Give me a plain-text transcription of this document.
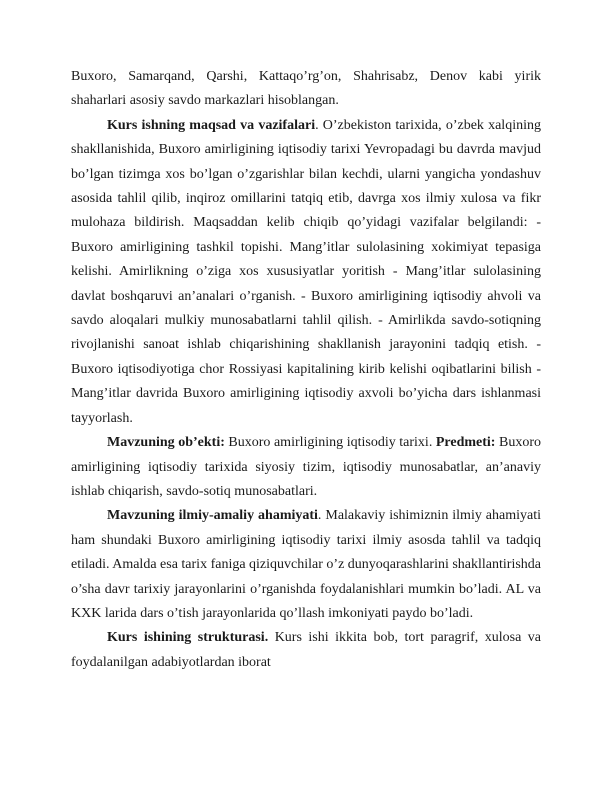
Buxoro, Samarqand, Qarshi, Kattaqo’rg’on, Shahrisabz, Denov kabi yirik shaharlari asosiy savdo markazlari hisoblangan.

Kurs ishning maqsad va vazifalari. O’zbekiston tarixida, o’zbek xalqining shakllanishida, Buxoro amirligining iqtisodiy tarixi Yevropadagi bu davrda mavjud bo’lgan tizimga xos bo’lgan o’zgarishlar bilan kechdi, ularni yangicha yondashuv asosida tahlil qilib, inqiroz omillarini tatqiq etib, davrga xos ilmiy xulosa va fikr mulohaza bildirish. Maqsaddan kelib chiqib qo’yidagi vazifalar belgilandi: - Buxoro amirligining tashkil topishi. Mang’itlar sulolasining xokimiyat tepasiga kelishi. Amirlikning o’ziga xos xususiyatlar yoritish - Mang’itlar sulolasining davlat boshqaruvi an’analari o’rganish. - Buxoro amirligining iqtisodiy ahvoli va savdo aloqalari mulkiy munosabatlarni tahlil qilish. - Amirlikda savdo-sotiqning rivojlanishi sanoat ishlab chiqarishining shakllanish jarayonini tadqiq etish. - Buxoro iqtisodiyotiga chor Rossiyasi kapitalining kirib kelishi oqibatlarini bilish - Mang’itlar davrida Buxoro amirligining iqtisodiy axvoli bo’yicha dars ishlanmasi tayyorlash.

Mavzuning ob’ekti: Buxoro amirligining iqtisodiy tarixi. Predmeti: Buxoro amirligining iqtisodiy tarixida siyosiy tizim, iqtisodiy munosabatlar, an’anaviy ishlab chiqarish, savdo-sotiq munosabatlari.

Mavzuning ilmiy-amaliy ahamiyati. Malakaviy ishimiznin ilmiy ahamiyati ham shundaki Buxoro amirligining iqtisodiy tarixi ilmiy asosda tahlil va tadqiq etiladi. Amalda esa tarix faniga qiziquvchilar o’z dunyoqarashlarini shakllantirishda o’sha davr tarixiy jarayonlarini o’rganishda foydalanishlari mumkin bo’ladi. AL va KXK larida dars o’tish jarayonlarida qo’llash imkoniyati paydo bo’ladi.

Kurs ishining strukturasi. Kurs ishi ikkita bob, tort paragrif, xulosa va foydalanilgan adabiyotlardan iborat
